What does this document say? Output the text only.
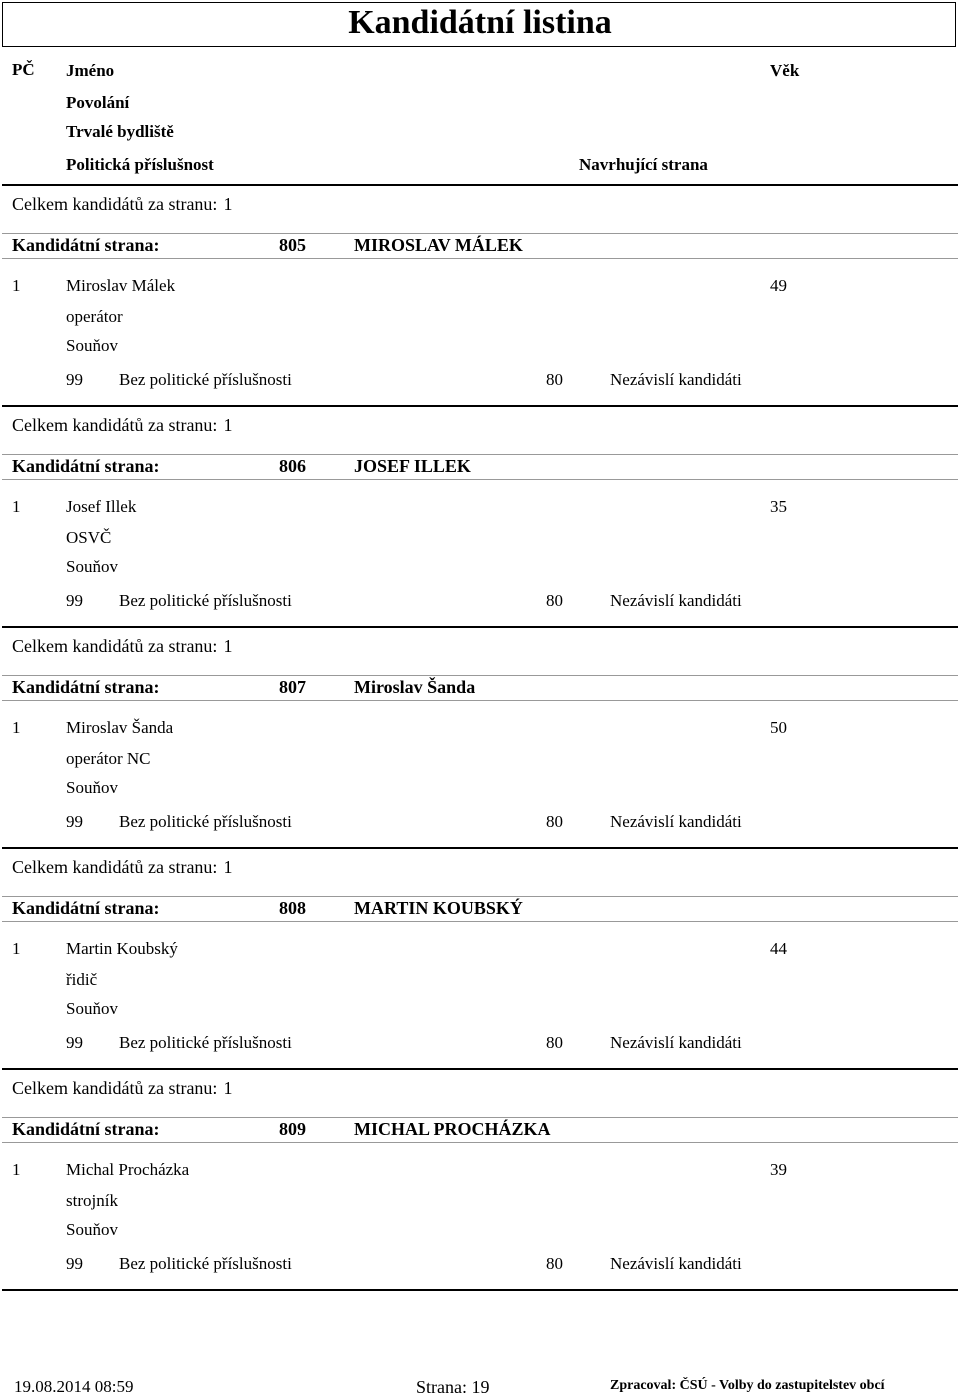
Kandidátní listina
PČ Jméno	Věk
Povolání
Trvalé bydliště
Politická příslušnost	Navrhující strana
Celkem kandidátů za stranu: 1
Kandidátní strana:	805	MIROSLAV MÁLEK
1	Miroslav Málek	49
operátor
Souňov
99 Bez politické příslušnosti	80	Nezávislí kandidáti
Celkem kandidátů za stranu: 1
Kandidátní strana:	806	JOSEF ILLEK
1	Josef Illek	35
OSVČ
Souňov
99 Bez politické příslušnosti	80	Nezávislí kandidáti
Celkem kandidátů za stranu: 1
Kandidátní strana:	807	Miroslav Šanda
1	Miroslav Šanda	50
operátor NC
Souňov
99 Bez politické příslušnosti	80	Nezávislí kandidáti
Celkem kandidátů za stranu: 1
Kandidátní strana:	808	MARTIN KOUBSKÝ
1	Martin Koubský	44
řidič
Souňov
99 Bez politické příslušnosti	80	Nezávislí kandidáti
Celkem kandidátů za stranu: 1
Kandidátní strana:	809	MICHAL PROCHÁZKA
1	Michal Procházka	39
strojník
Souňov
99 Bez politické příslušnosti	80	Nezávislí kandidáti
19.08.2014 08:59	Strana: 19	Zpracoval: ČSÚ - Volby do zastupitelstev obcí
